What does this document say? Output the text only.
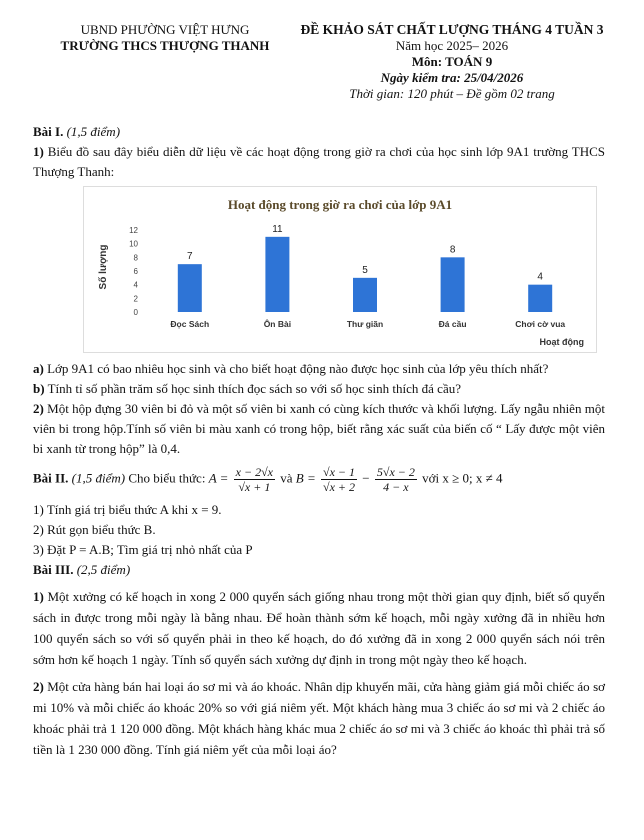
UBND PHƯỜNG VIỆT HƯNG
TRƯỜNG THCS THƯỢNG THANH
ĐỀ KHẢO SÁT CHẤT LƯỢNG THÁNG 4 TUẦN 3
Năm học 2025– 2026
Môn: TOÁN 9
Ngày kiểm tra: 25/04/2026
Thời gian: 120 phút – Đề gồm 02 trang

Bài I. (1,5 điểm)

1) Biểu đồ sau đây biểu diễn dữ liệu về các hoạt động trong giờ ra chơi của học sinh lớp 9A1 trường THCS Thượng Thanh:

Hoạt động trong giờ ra chơi của lớp 9A1
Số lượng
Hoạt động
0
2
4
6
8
10
12
7
Đọc Sách
11
Ôn Bài
5
Thư giãn
8
Đá cầu
4
Chơi cờ vua

a) Lớp 9A1 có bao nhiêu học sinh và cho biết hoạt động nào được học sinh của lớp yêu thích nhất?

b) Tính tỉ số phần trăm số học sinh thích đọc sách so với số học sinh thích đá cầu?

2) Một hộp đựng 30 viên bi đỏ và một số viên bi xanh có cùng kích thước và khối lượng. Lấy ngẫu nhiên một viên bi trong hộp.Tính số viên bi màu xanh có trong hộp, biết rằng xác suất của biến cố “ Lấy được một viên bi xanh từ trong hộp” là 0,4.

Bài II. (1,5 điểm) Cho biểu thức: $A = \frac{x - 2√x}{√x + 1}$ và $B = \frac{√x - 1}{√x + 2} - \frac{5√x - 2}{4 - x}$ với x ≥ 0; x ≠ 4

1) Tính giá trị biểu thức A khi x = 9.

2) Rút gọn biểu thức B.

3) Đặt P = A.B; Tìm giá trị nhỏ nhất của P

Bài III. (2,5 điểm)

1) Một xưởng có kế hoạch in xong 2 000 quyển sách giống nhau trong một thời gian quy định, biết số quyển sách in được trong mỗi ngày là bằng nhau. Để hoàn thành sớm kế hoạch, mỗi ngày xưởng đã in nhiều hơn 100 quyển sách so với số quyển phải in theo kế hoạch, do đó xưởng đã in xong 2 000 quyển sách nói trên sớm hơn kế hoạch 1 ngày. Tính số quyển sách xưởng dự định in trong một ngày theo kế hoạch.

2) Một cửa hàng bán hai loại áo sơ mi và áo khoác. Nhân dịp khuyến mãi, cửa hàng giảm giá mỗi chiếc áo sơ mi 10% và mỗi chiếc áo khoác 20% so với giá niêm yết. Một khách hàng mua 3 chiếc áo sơ mi và 2 chiếc áo khoác phải trả 1 120 000 đồng. Một khách hàng khác mua 2 chiếc áo sơ mi và 3 chiếc áo khoác thì phải trả số tiền là 1 230 000 đồng. Tính giá niêm yết của mỗi loại áo?
